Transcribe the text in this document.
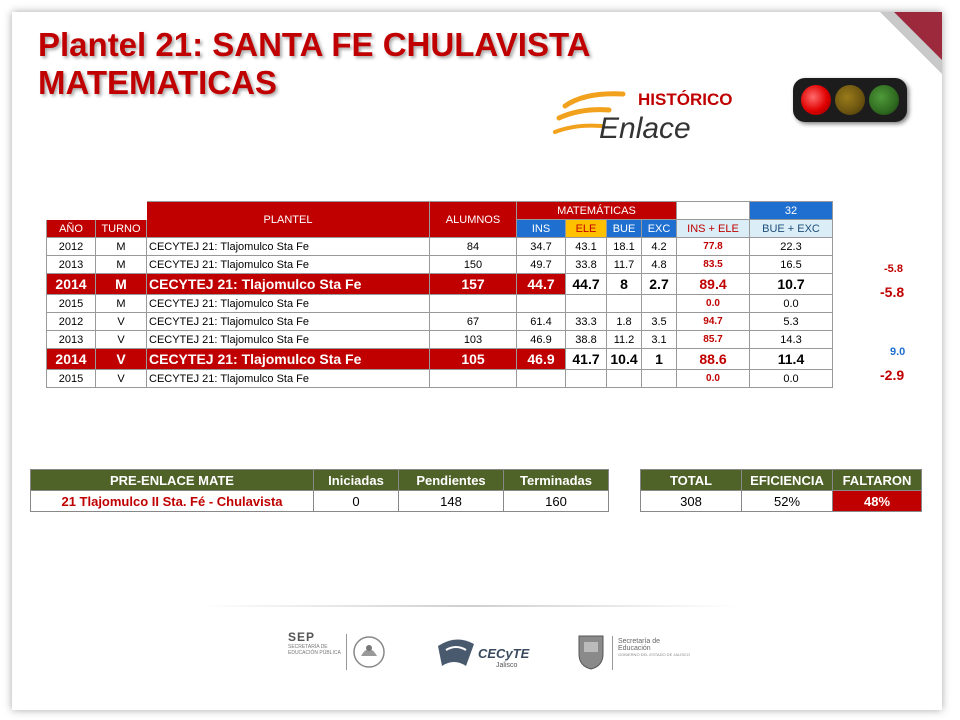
Plantel 21: SANTA FE CHULAVISTA
MATEMATICAS
Enlace
HISTÓRICO
		PLANTEL	ALUMNOS	MATEMÁTICAS					32
AÑO	TURNO			INS	ELE	BUE	EXC	INS + ELE	BUE + EXC
2012	M	CECYTEJ 21: Tlajomulco Sta Fe	84	34.7	43.1	18.1	4.2	77.8	22.3
2013	M	CECYTEJ 21: Tlajomulco Sta Fe	150	49.7	33.8	11.7	4.8	83.5	16.5
2014	M	CECYTEJ 21: Tlajomulco Sta Fe	157	44.7	44.7	8	2.7	89.4	10.7
2015	M	CECYTEJ 21: Tlajomulco Sta Fe						0.0	0.0
2012	V	CECYTEJ 21: Tlajomulco Sta Fe	67	61.4	33.3	1.8	3.5	94.7	5.3
2013	V	CECYTEJ 21: Tlajomulco Sta Fe	103	46.9	38.8	11.2	3.1	85.7	14.3
2014	V	CECYTEJ 21: Tlajomulco Sta Fe	105	46.9	41.7	10.4	1	88.6	11.4
2015	V	CECYTEJ 21: Tlajomulco Sta Fe						0.0	0.0
-5.8
-5.8
9.0
-2.9
PRE-ENLACE MATE	Iniciadas	Pendientes	Terminadas
21 Tlajomulco II Sta. Fé - Chulavista	0	148	160
TOTAL	EFICIENCIA	FALTARON
308	52%	48%
SEP
SECRETARÍA DE
EDUCACIÓN PÚBLICA	CECyTE
Jalisco
Secretaría de
Educación
GOBIERNO DEL ESTADO DE JALISCO
